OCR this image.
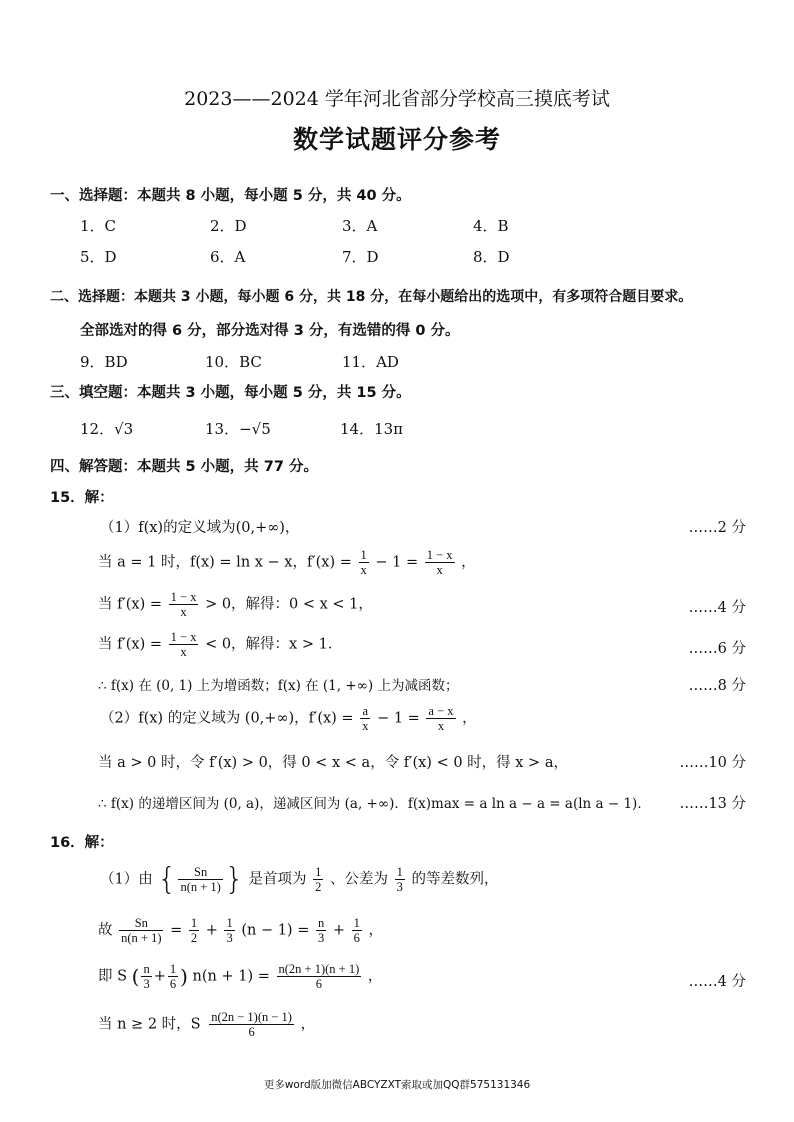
2023——2024 学年河北省部分学校高三摸底考试
数学试题评分参考
一、选择题：本题共 8 小题，每小题 5 分，共 40 分。
1．C	2．D	3．A	4．B
5．D	6．A	7．D	8．D
二、选择题：本题共 3 小题，每小题 6 分，共 18 分，在每小题给出的选项中，有多项符合题目要求。
全部选对的得 6 分，部分选对得 3 分，有选错的得 0 分。
9．BD	10．BC	11．AD
三、填空题：本题共 3 小题，每小题 5 分，共 15 分。
12．√3	13．−√5	14．13π
四、解答题：本题共 5 小题，共 77 分。
15．解：
（1）f(x)的定义域为(0,+∞)，	……2 分
当 a = 1 时，f(x) = ln x − x，$f'(x) = \frac{1}{x} - 1 = \frac{1 - x}{x}$ ，
当 $f'(x) = \frac{1 - x}{x} > 0$，解得：0 < x < 1，	……4 分
当 $f'(x) = \frac{1 - x}{x} < 0$，解得：x > 1．	……6 分
∴ f(x) 在 (0, 1) 上为增函数；f(x) 在 (1, +∞) 上为减函数；	……8 分
（2）f(x) 的定义域为 (0,+∞)，$f'(x) = \frac{a}{x} - 1 = \frac{a - x}{x}$ ，
当 a > 0 时，令 f′(x) > 0，得 0 < x < a，令 f′(x) < 0 时，得 x > a，	……10 分
∴ f(x) 的递增区间为 (0, a)，递减区间为 (a, +∞)．f(x)max = a ln a − a = a(ln a − 1)． ……13 分
16．解：
（1）由 { $\frac{Sn}{n(n + 1)}$ } 是首项为 $\frac{1}{2}$ 、公差为 $\frac{1}{3}$ 的等差数列，
故 $\frac{Sn}{n(n + 1)} = \frac{1}{2} + \frac{1}{3} (n - 1) = \frac{n}{3} + \frac{1}{6}$ ，
即 S ( $\frac{n}{3} + \frac{1}{6}$ ) $n(n + 1) = \frac{n(2n + 1)(n + 1)}{6}$ ，	……4 分
当 n ≥ 2 时，S $\frac{n(2n - 1)(n - 1)}{6}$ ，
更多word版加微信ABCYZXT索取或加QQ群575131346
